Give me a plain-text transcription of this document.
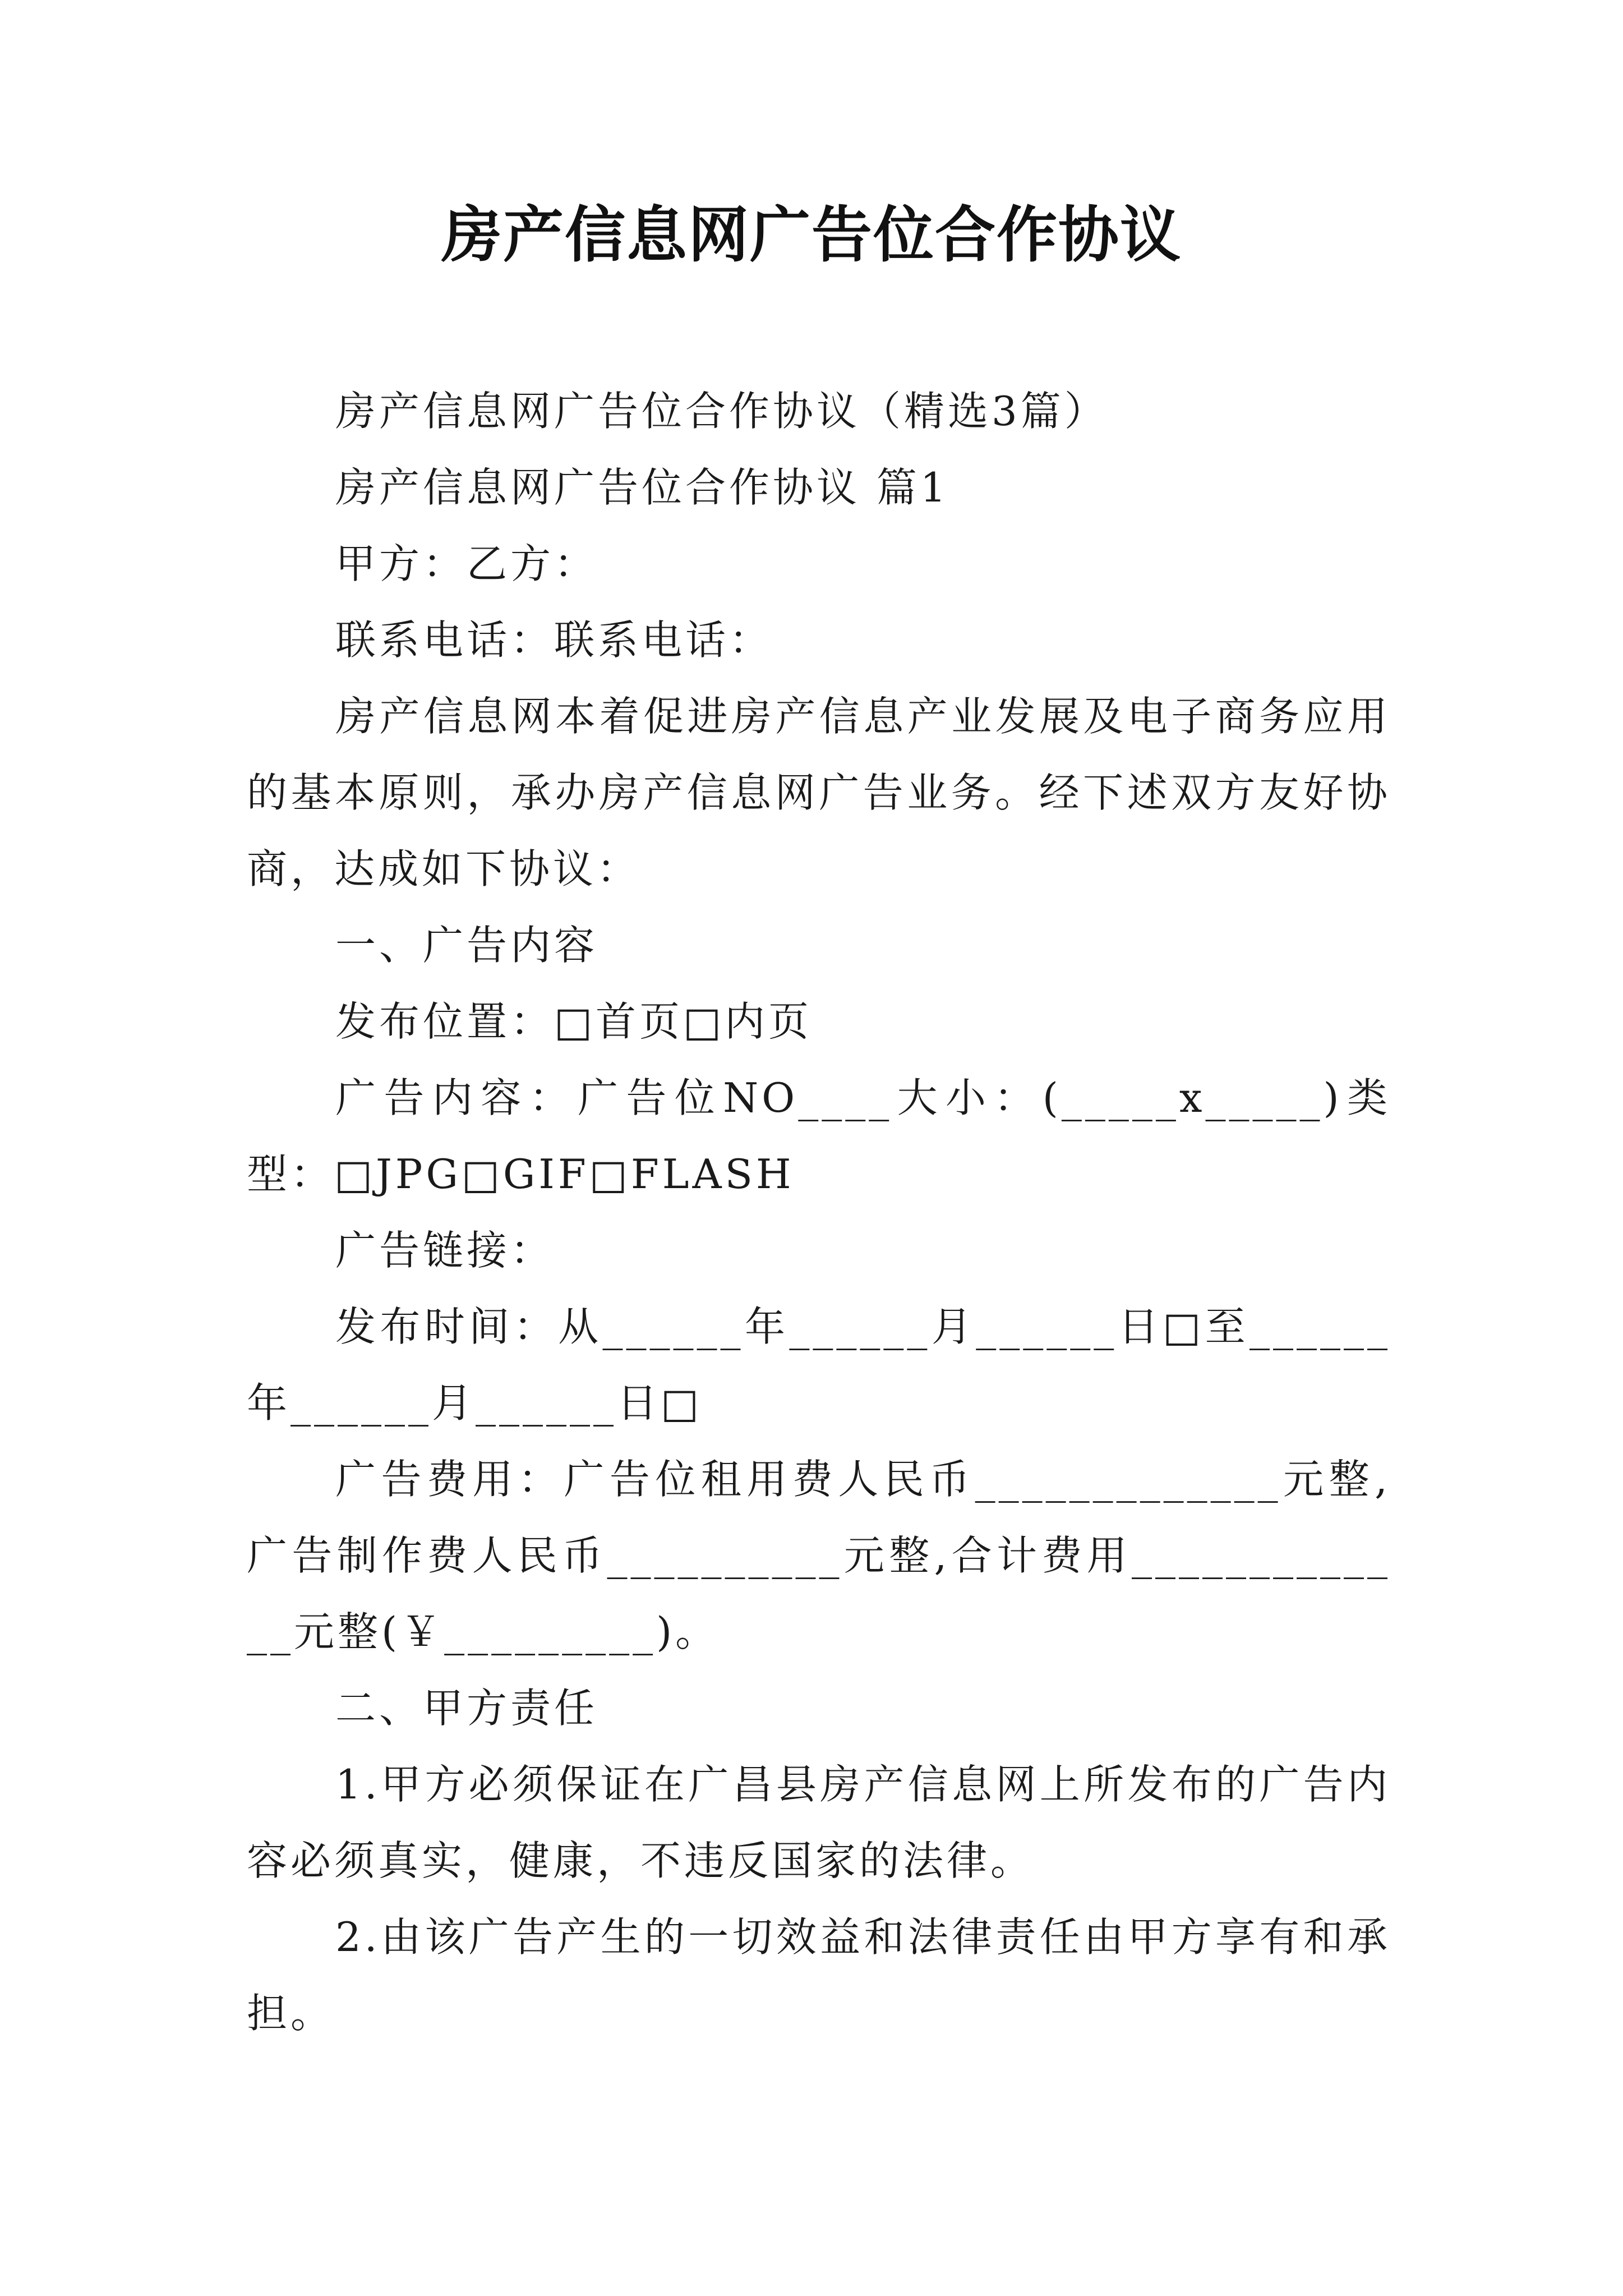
房产信息网广告位合作协议

房产信息网广告位合作协议（精选3篇）

房产信息网广告位合作协议 篇1

甲方：乙方：

联系电话：联系电话：

房产信息网本着促进房产信息产业发展及电子商务应用的基本原则，承办房产信息网广告业务。经下述双方友好协商，达成如下协议：

一、广告内容

发布位置：□首页□内页

广告内容：广告位NO____大小：(_____x_____)类型：□JPG□GIF□FLASH

广告链接：

发布时间：从______年______月______日□至______年______月______日□

广告费用：广告位租用费人民币_____________元整,广告制作费人民币__________元整,合计费用_____________元整(￥_________)。

二、甲方责任

1.甲方必须保证在广昌县房产信息网上所发布的广告内容必须真实，健康，不违反国家的法律。

2.由该广告产生的一切效益和法律责任由甲方享有和承担。
